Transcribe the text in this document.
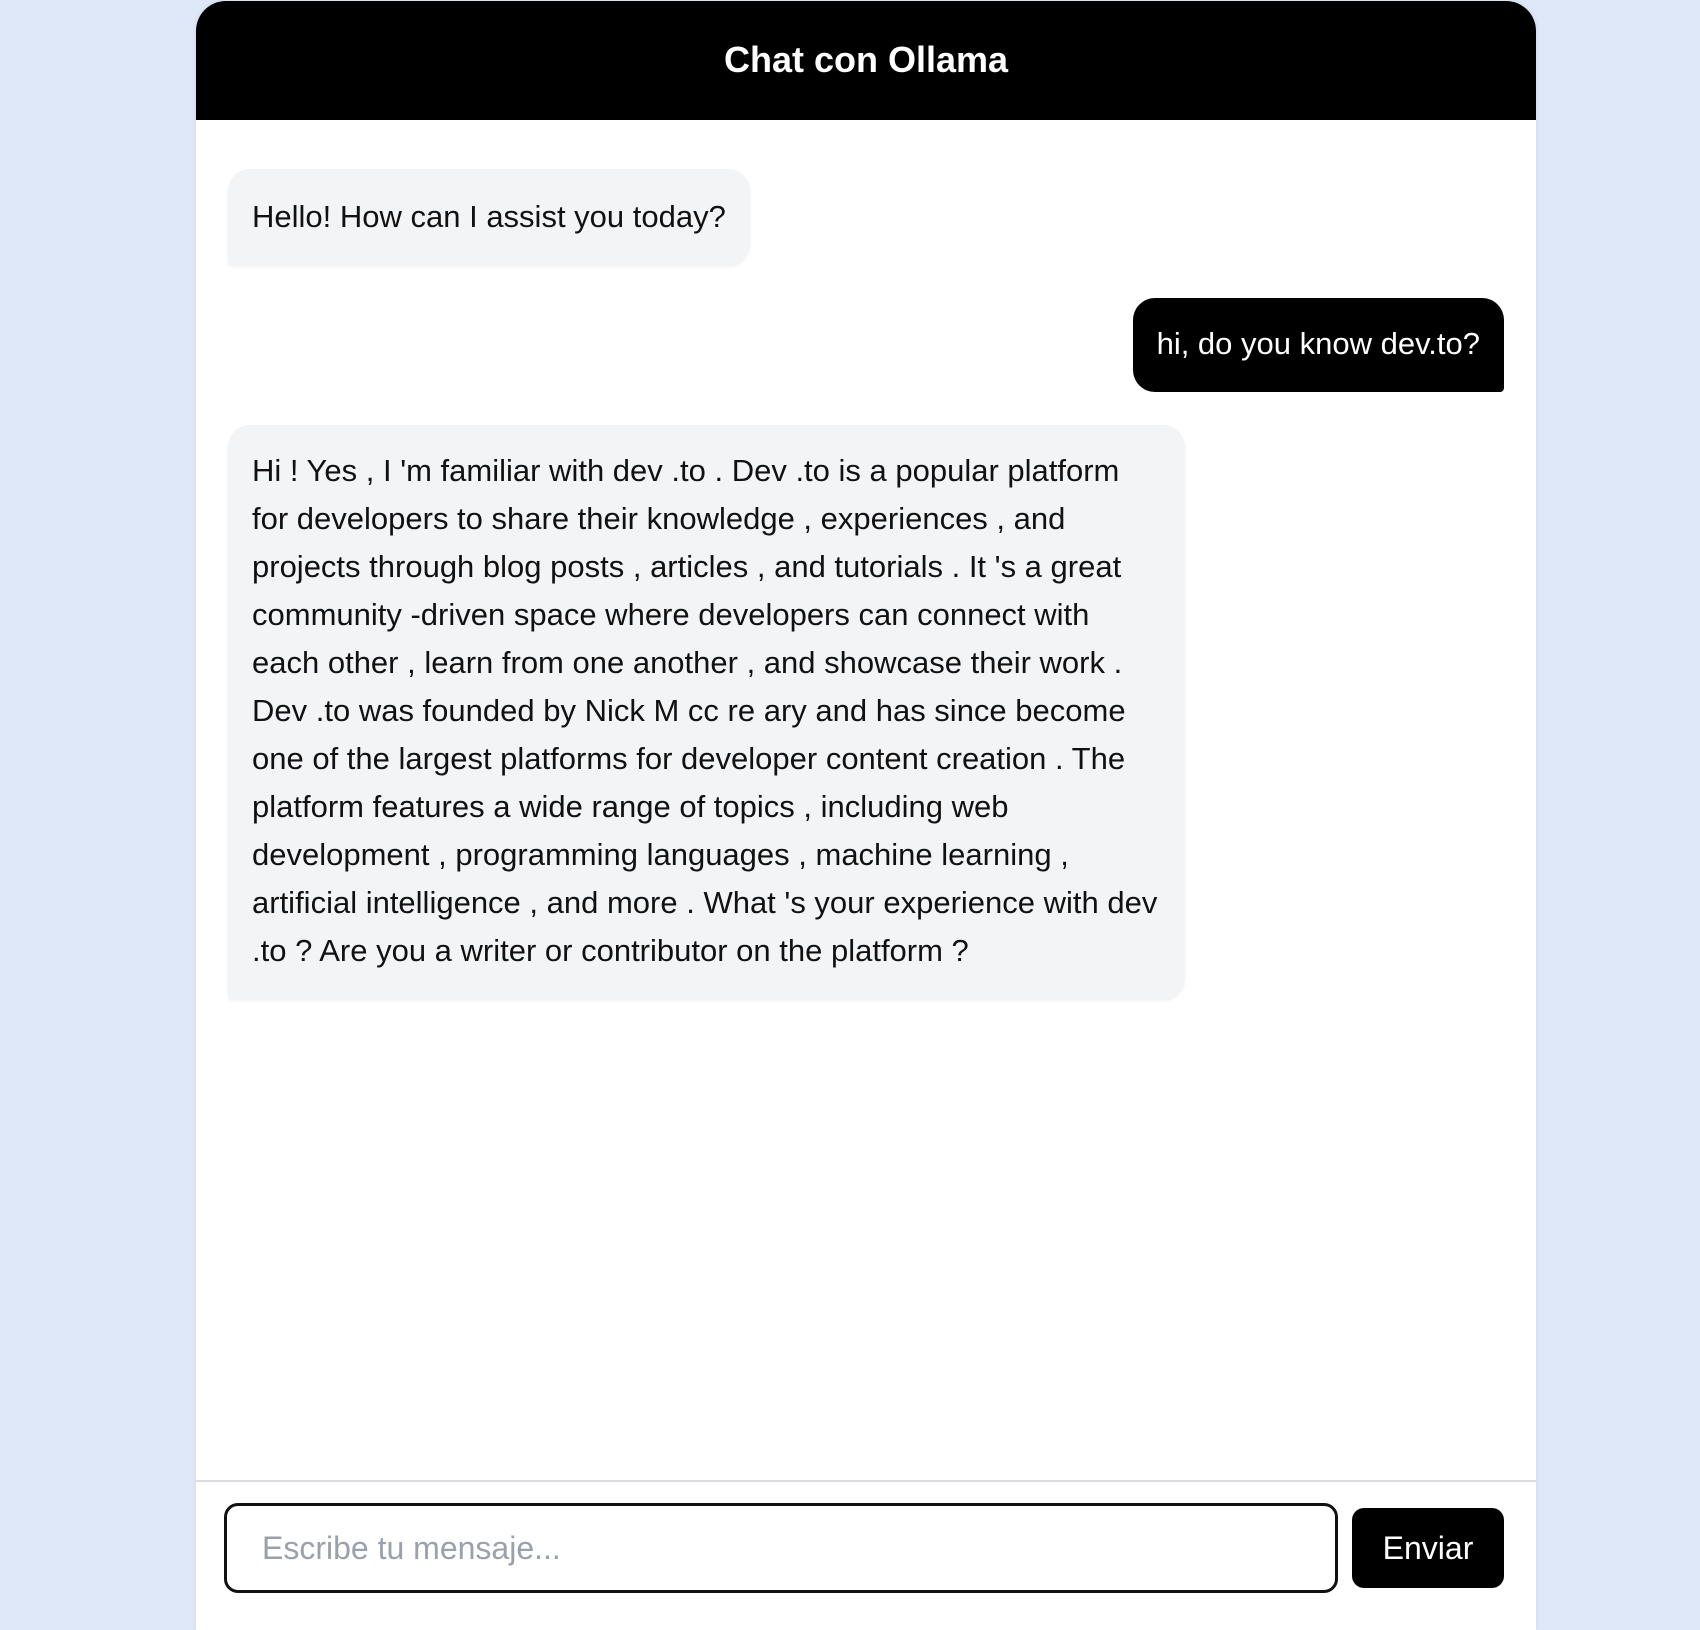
Chat con Ollama
Hello! How can I assist you today?
hi, do you know dev.to?
Hi ! Yes , I 'm familiar with dev .to . Dev .to is a popular platform for developers to share their knowledge , experiences , and projects through blog posts , articles , and tutorials . It 's a great community -driven space where developers can connect with each other , learn from one another , and showcase their work . Dev .to was founded by Nick M cc re ary and has since become one of the largest platforms for developer content creation . The platform features a wide range of topics , including web development , programming languages , machine learning , artificial intelligence , and more . What 's your experience with dev .to ? Are you a writer or contributor on the platform ?
Escribe tu mensaje...
Enviar
